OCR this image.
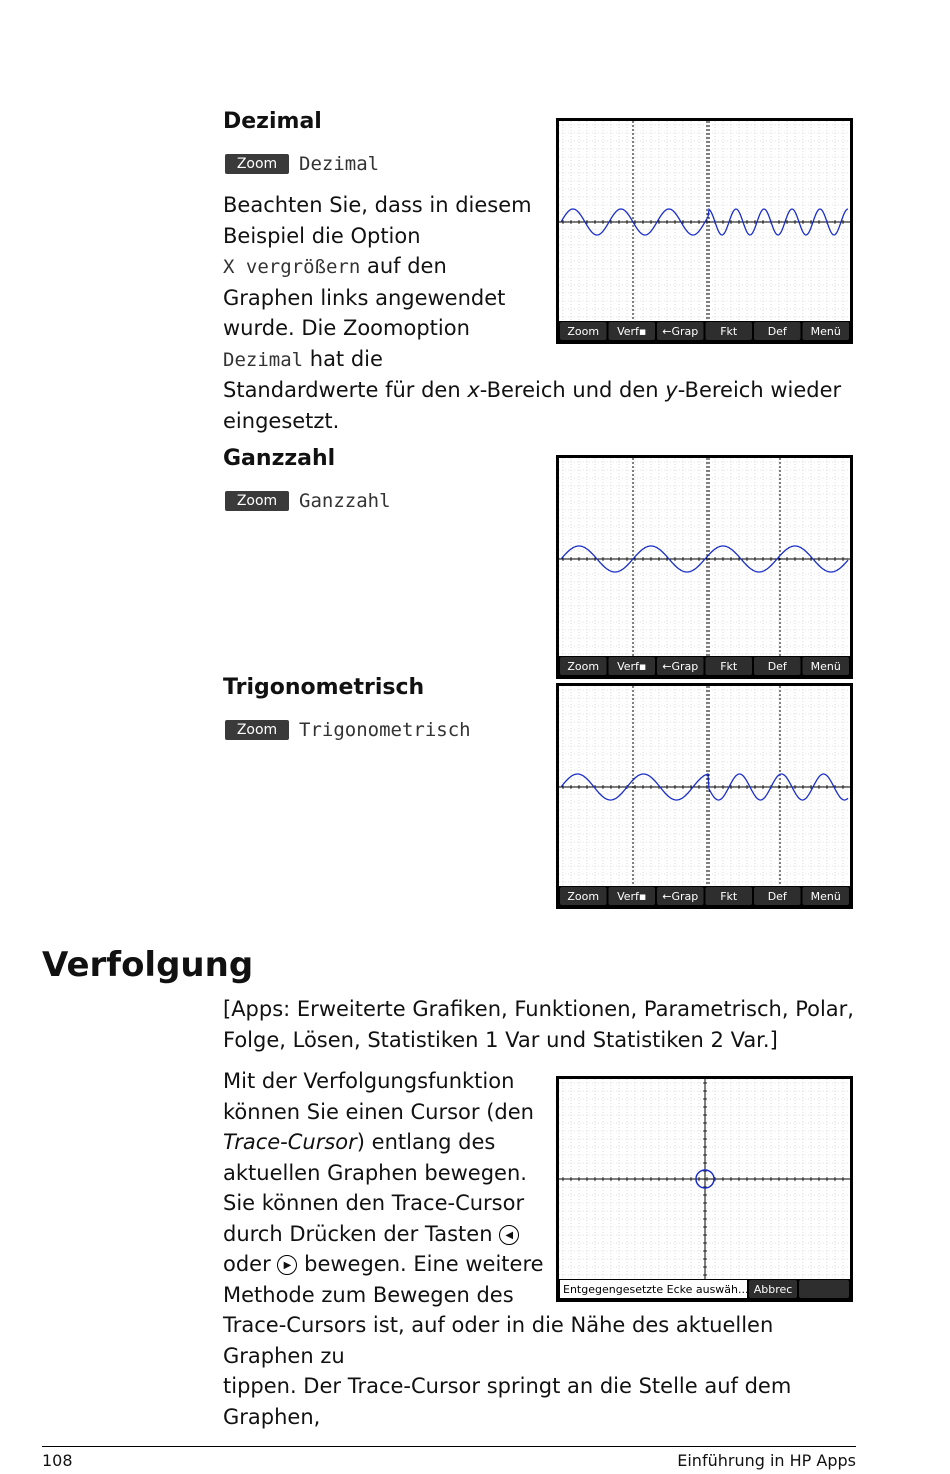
Dezimal
Zoom	Dezimal
Beachten Sie, dass in diesem
Beispiel die Option
X vergrößern auf den
Graphen links angewendet
wurde. Die Zoomoption
Dezimal hat die
Standardwerte für den x-Bereich und den y-Bereich wieder
eingesetzt.
Ganzzahl
Zoom	Ganzzahl
Trigonometrisch
Zoom	Trigonometrisch
Zoom Verf▪ ←Grap Fkt	Def Menü
Zoom Verf▪ ←Grap Fkt	Def Menü
Zoom Verf▪ ←Grap Fkt	Def Menü
Verfolgung
[Apps: Erweiterte Grafiken, Funktionen, Parametrisch, Polar,
Folge, Lösen, Statistiken 1 Var und Statistiken 2 Var.]
Mit der Verfolgungsfunktion
können Sie einen Cursor (den
Trace-Cursor) entlang des
aktuellen Graphen bewegen.
Sie können den Trace-Cursor
durch Drücken der Tasten ◀
oder ▶ bewegen. Eine weitere
Methode zum Bewegen des
Trace-Cursors ist, auf oder in die Nähe des aktuellen Graphen zu
tippen. Der Trace-Cursor springt an die Stelle auf dem Graphen,
Entgegengesetzte Ecke auswäh... Abbrec
108	Einführung in HP Apps
